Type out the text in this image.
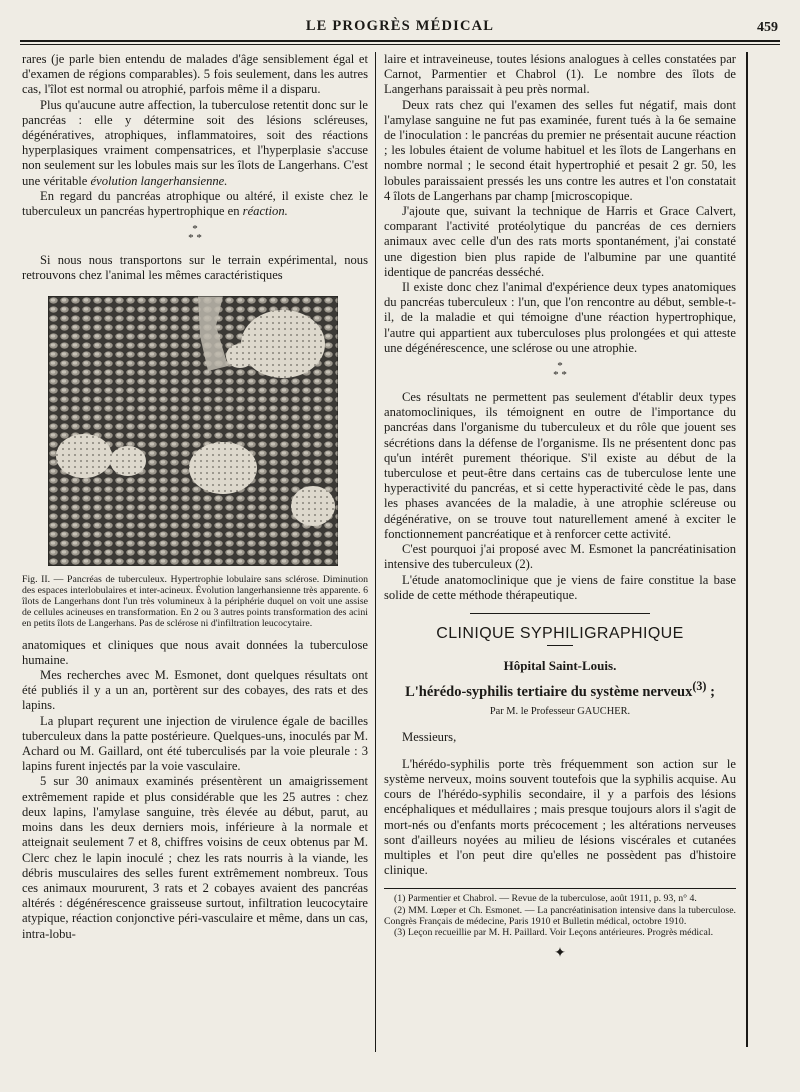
LE PROGRÈS MÉDICAL	459

rares (je parle bien entendu de malades d'âge sensiblement égal et d'examen de régions comparables). 5 fois seulement, dans les autres cas, l'îlot est normal ou atrophié, parfois même il a disparu.

Plus qu'aucune autre affection, la tuberculose retentit donc sur le pancréas : elle y détermine soit des lésions scléreuses, dégénératives, atrophiques, inflammatoires, soit des réactions hyperplasiques vraiment compensatrices, et l'hyperplasie s'accuse non seulement sur les lobules mais sur les îlots de Langerhans. C'est une véritable évolution langerhansienne.

En regard du pancréas atrophique ou altéré, il existe chez le tuberculeux un pancréas hypertrophique en réaction.

*
* *

Si nous nous transportons sur le terrain expérimental, nous retrouvons chez l'animal les mêmes caractéristiques

Fig. II. — Pancréas de tuberculeux. Hypertrophie lobulaire sans sclérose. Diminution des espaces interlobulaires et inter-acineux. Évolution langerhansienne très apparente. 6 îlots de Langerhans dont l'un très volumineux à la périphérie duquel on voit une assise de cellules acineuses en transformation. En 2 ou 3 autres points transformation des acini en petits îlots de Langerhans. Pas de sclérose ni d'infiltration leucocytaire.

anatomiques et cliniques que nous avait données la tuberculose humaine.

Mes recherches avec M. Esmonet, dont quelques résultats ont été publiés il y a un an, portèrent sur des cobayes, des rats et des lapins.

La plupart reçurent une injection de virulence égale de bacilles tuberculeux dans la patte postérieure. Quelques-uns, inoculés par M. Achard ou M. Gaillard, ont été tuberculisés par la voie pleurale : 3 lapins furent injectés par la voie vasculaire.

5 sur 30 animaux examinés présentèrent un amaigrissement extrêmement rapide et plus considérable que les 25 autres : chez deux lapins, l'amylase sanguine, très élevée au début, parut, au moins dans les deux derniers mois, inférieure à la normale et atteignait seulement 7 et 8, chiffres voisins de ceux obtenus par M. Clerc chez le lapin inoculé ; chez les rats nourris à la viande, les débris musculaires des selles furent extrêmement nombreux. Tous ces animaux moururent, 3 rats et 2 cobayes avaient des pancréas altérés : dégénérescence graisseuse surtout, infiltration leucocytaire atypique, réaction conjonctive péri-vasculaire et même, dans un cas, intra-lobu-

laire et intraveineuse, toutes lésions analogues à celles constatées par Carnot, Parmentier et Chabrol (1). Le nombre des îlots de Langerhans paraissait à peu près normal.

Deux rats chez qui l'examen des selles fut négatif, mais dont l'amylase sanguine ne fut pas examinée, furent tués à la 6e semaine de l'inoculation : le pancréas du premier ne présentait aucune réaction ; les lobules étaient de volume habituel et les îlots de Langerhans en nombre normal ; le second était hypertrophié et pesait 2 gr. 50, les lobules paraissaient pressés les uns contre les autres et l'on constatait 4 îlots de Langerhans par champ [microscopique.

J'ajoute que, suivant la technique de Harris et Grace Calvert, comparant l'activité protéolytique du pancréas de ces derniers animaux avec celle d'un des rats morts spontanément, j'ai constaté une digestion bien plus rapide de l'albumine par une quantité identique de pancréas desséché.

Il existe donc chez l'animal d'expérience deux types anatomiques du pancréas tuberculeux : l'un, que l'on rencontre au début, semble-t-il, de la maladie et qui témoigne d'une réaction hypertrophique, l'autre qui appartient aux tuberculoses plus prolongées et qui atteste une dégénérescence, une sclérose ou une atrophie.

*
* *

Ces résultats ne permettent pas seulement d'établir deux types anatomocliniques, ils témoignent en outre de l'importance du pancréas dans l'organisme du tuberculeux et du rôle que jouent ses sécrétions dans la défense de l'organisme. Ils ne présentent donc pas qu'un intérêt purement théorique. S'il existe au début de la tuberculose et peut-être dans certains cas de tuberculose lente une hyperactivité du pancréas, et si cette hyperactivité cède le pas, dans les phases avancées de la maladie, à une atrophie scléreuse ou dégénérative, on se trouve tout naturellement amené à exciter le fonctionnement pancréatique et à renforcer cette activité.

C'est pourquoi j'ai proposé avec M. Esmonet la pancréatinisation intensive des tuberculeux (2).

L'étude anatomoclinique que je viens de faire constitue la base solide de cette méthode thérapeutique.

CLINIQUE SYPHILIGRAPHIQUE
Hôpital Saint-Louis.
L'hérédo-syphilis tertiaire du système nerveux$^{(3)}$ ;
Par M. le Professeur GAUCHER.

Messieurs,

L'hérédo-syphilis porte très fréquemment son action sur le système nerveux, moins souvent toutefois que la syphilis acquise. Au cours de l'hérédo-syphilis secondaire, il y a parfois des lésions encéphaliques et médullaires ; mais presque toujours alors il s'agit de mort-nés ou d'enfants morts précocement ; les altérations nerveuses sont d'ailleurs noyées au milieu de lésions viscérales et cutanées multiples et l'on peut dire qu'elles ne possèdent pas d'histoire clinique.

(1) Parmentier et Chabrol. — Revue de la tuberculose, août 1911, p. 93, n° 4.

(2) MM. Lœper et Ch. Esmonet. — La pancréatinisation intensive dans la tuberculose. Congrès Français de médecine, Paris 1910 et Bulletin médical, octobre 1910.

(3) Leçon recueillie par M. H. Paillard. Voir Leçons antérieures. Progrès médical.

✦
